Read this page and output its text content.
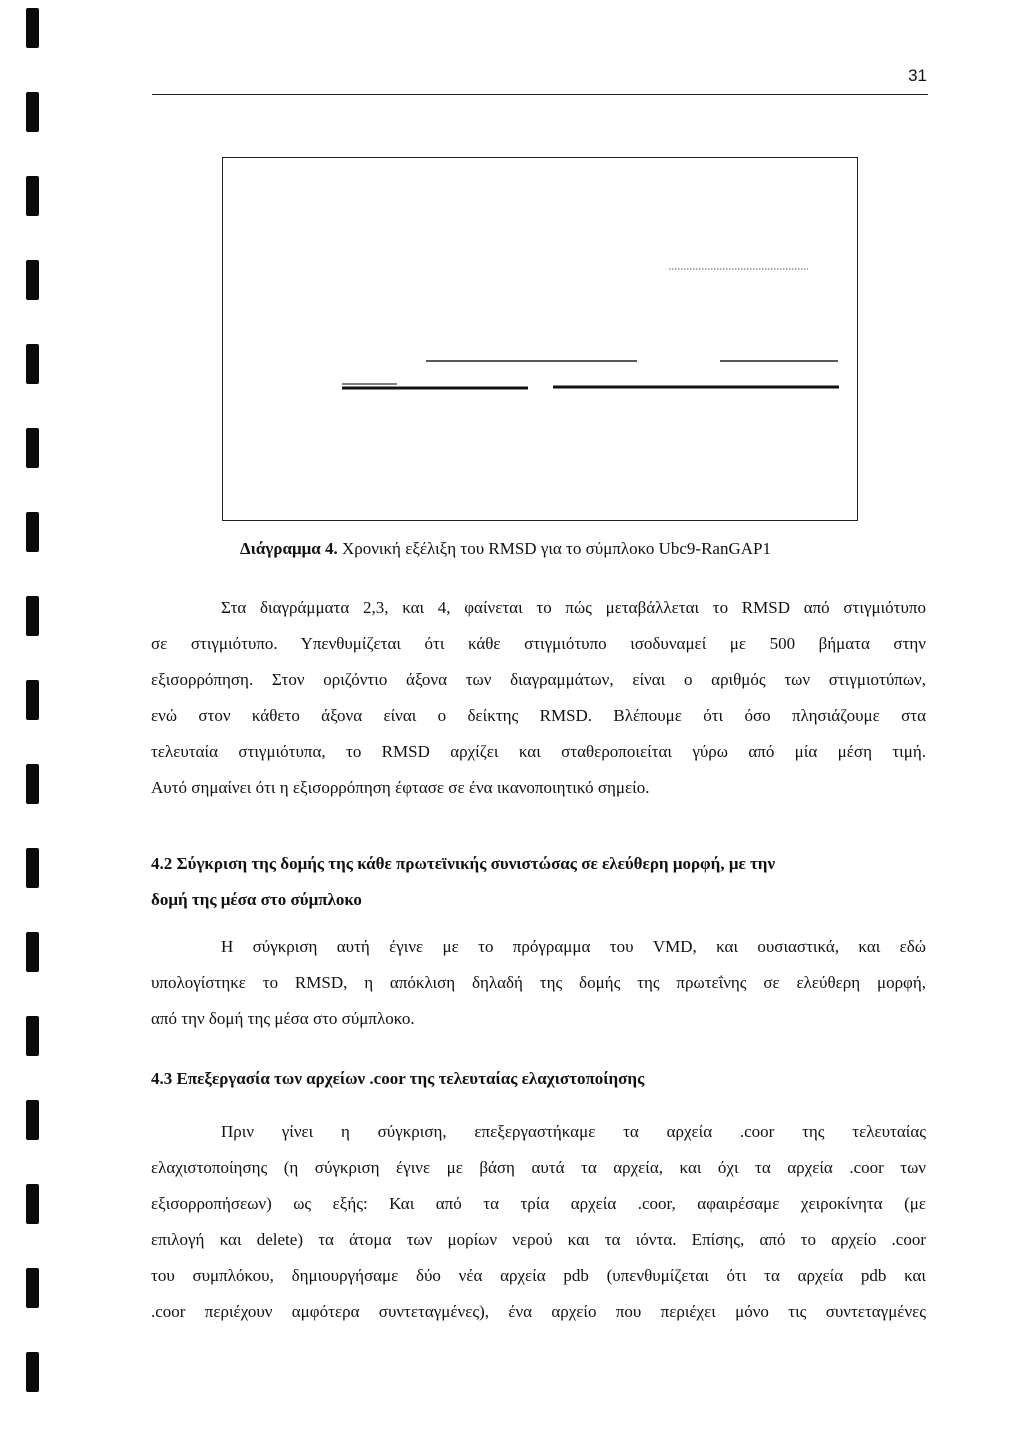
31
Διάγραμμα 4. Χρονική εξέλιξη του RMSD για το σύμπλοκο Ubc9-RanGAP1
Στα διαγράμματα 2,3, και 4, φαίνεται το πώς μεταβάλλεται το RMSD από στιγμιότυπο
σε στιγμιότυπο. Υπενθυμίζεται ότι κάθε στιγμιότυπο ισοδυναμεί με 500 βήματα στην
εξισορρόπηση. Στον οριζόντιο άξονα των διαγραμμάτων, είναι ο αριθμός των στιγμιοτύπων,
ενώ στον κάθετο άξονα είναι ο δείκτης RMSD. Βλέπουμε ότι όσο πλησιάζουμε στα
τελευταία στιγμιότυπα, το RMSD αρχίζει και σταθεροποιείται γύρω από μία μέση τιμή.
Αυτό σημαίνει ότι η εξισορρόπηση έφτασε σε ένα ικανοποιητικό σημείο.
4.2 Σύγκριση της δομής της κάθε πρωτεϊνικής συνιστώσας σε ελεύθερη μορφή, με την
δομή της μέσα στο σύμπλοκο
Η σύγκριση αυτή έγινε με το πρόγραμμα του VMD, και ουσιαστικά, και εδώ
υπολογίστηκε το RMSD, η απόκλιση δηλαδή της δομής της πρωτεΐνης σε ελεύθερη μορφή,
από την δομή της μέσα στο σύμπλοκο.
4.3 Επεξεργασία των αρχείων .coor της τελευταίας ελαχιστοποίησης
Πριν γίνει η σύγκριση, επεξεργαστήκαμε τα αρχεία .coor της τελευταίας
ελαχιστοποίησης (η σύγκριση έγινε με βάση αυτά τα αρχεία, και όχι τα αρχεία .coor των
εξισορροπήσεων) ως εξής: Και από τα τρία αρχεία .coor, αφαιρέσαμε χειροκίνητα (με
επιλογή και delete) τα άτομα των μορίων νερού και τα ιόντα. Επίσης, από το αρχείο .coor
του συμπλόκου, δημιουργήσαμε δύο νέα αρχεία pdb (υπενθυμίζεται ότι τα αρχεία pdb και
.coor περιέχουν αμφότερα συντεταγμένες), ένα αρχείο που περιέχει μόνο τις συντεταγμένες
